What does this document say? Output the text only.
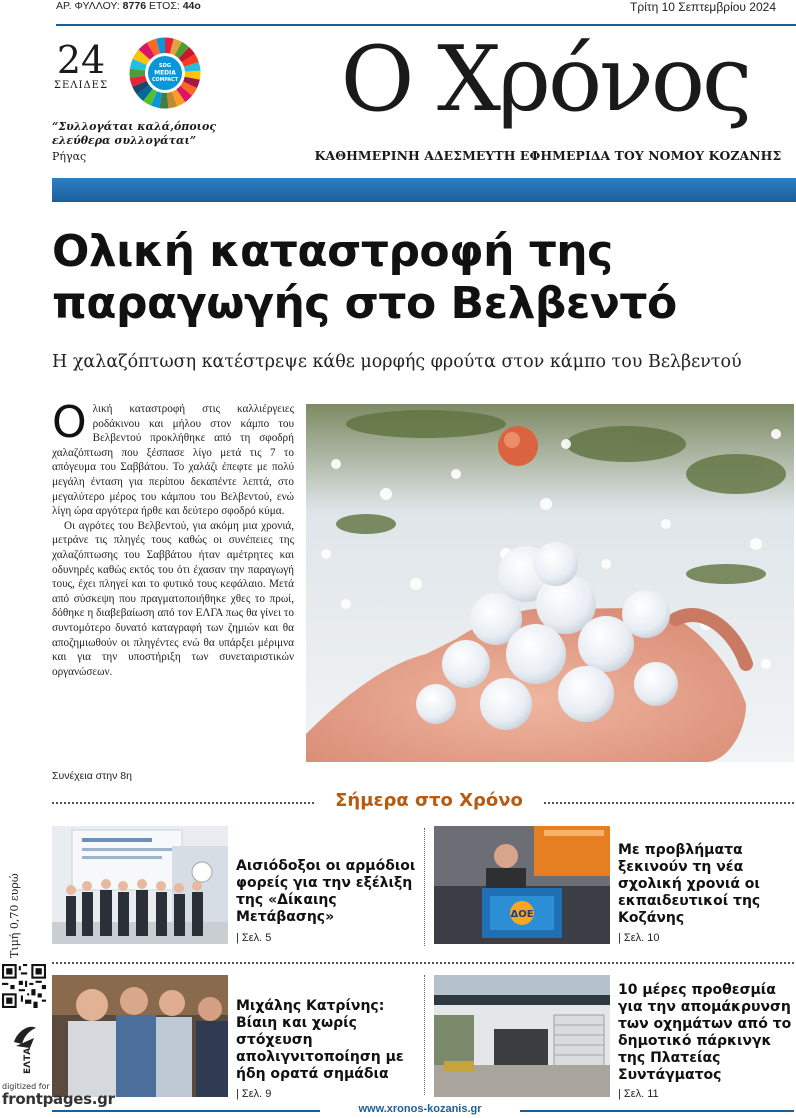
ΑΡ. ΦΥΛΛΟΥ: 8776 ΕΤΟΣ: 44ο	Τρίτη 10 Σεπτεμβρίου 2024
24
ΣΕΛΙΔΕΣ
SDG
MEDIA
COMPACT
“Συλλογάται καλά,όποιος ελεύθερα συλλογάται”
Ρήγας
Ο Χρόνος
ΚΑΘΗΜΕΡΙΝΗ ΑΔΕΣΜΕΥΤΗ ΕΦΗΜΕΡΙΔΑ ΤΟΥ ΝΟΜΟΥ ΚΟΖΑΝΗΣ
Ολική καταστροφή της παραγωγής στο Βελβεντό
Η χαλαζόπτωση κατέστρεψε κάθε μορφής φρούτα στον κάμπο του Βελβεντού

Ο λική καταστροφή στις καλλιέργειες ροδάκινου και μήλου στον κάμπο του Βελβεντού προκλήθηκε από τη σφοδρή χαλαζόπτωση που ξέσπασε λίγο μετά τις 7 το απόγευμα του Σαββάτου. Το χαλάζι έπεφτε με πολύ μεγάλη ένταση για περίπου δεκαπέντε λεπτά, στο μεγαλύτερο μέρος του κάμπου του Βελβεντού, ενώ λίγη ώρα αργότερα ήρθε και δεύτερο σφοδρό κύμα.

Οι αγρότες του Βελβεντού, για ακόμη μια χρονιά, μετράνε τις πληγές τους καθώς οι συνέπειες της χαλαζόπτωσης του Σαββάτου ήταν αμέτρητες και οδυνηρές καθώς εκτός του ότι έχασαν την παραγωγή τους, έχει πληγεί και το φυτικό τους κεφάλαιο. Μετά από σύσκεψη που πραγματοποιήθηκε χθες το πρωί, δόθηκε η διαβεβαίωση από τον ΕΛΓΑ πως θα γίνει το συντομότερο δυνατό καταγραφή των ζημιών και θα αποζημιωθούν οι πληγέντες ενώ θα υπάρξει μέριμνα και για την υποστήριξη των συνεταιριστικών οργανώσεων.

Συνέχεια στην 8η
Σήμερα στο Χρόνο
Τιμή 0,70 ευρώ
Αισιόδοξοι οι αρμόδιοι φορείς για την εξέλιξη της «Δίκαιης Μετάβασης»
| Σελ. 5
ΔΟΕ
Με προβλήματα ξεκινούν τη νέα σχολική χρονιά οι εκπαιδευτικοί της Κοζάνης
| Σελ. 10
Μιχάλης Κατρίνης: Βίαιη και χωρίς στόχευση απολιγνιτοποίηση με ήδη ορατά σημάδια
| Σελ. 9
10 μέρες προθεσμία για την απομάκρυνση των οχημάτων από το δημοτικό πάρκινγκ της Πλατείας Συντάγματος
| Σελ. 11
www.xronos-kozanis.gr
ΕΛΤΑ
digitized for
frontpages.gr
